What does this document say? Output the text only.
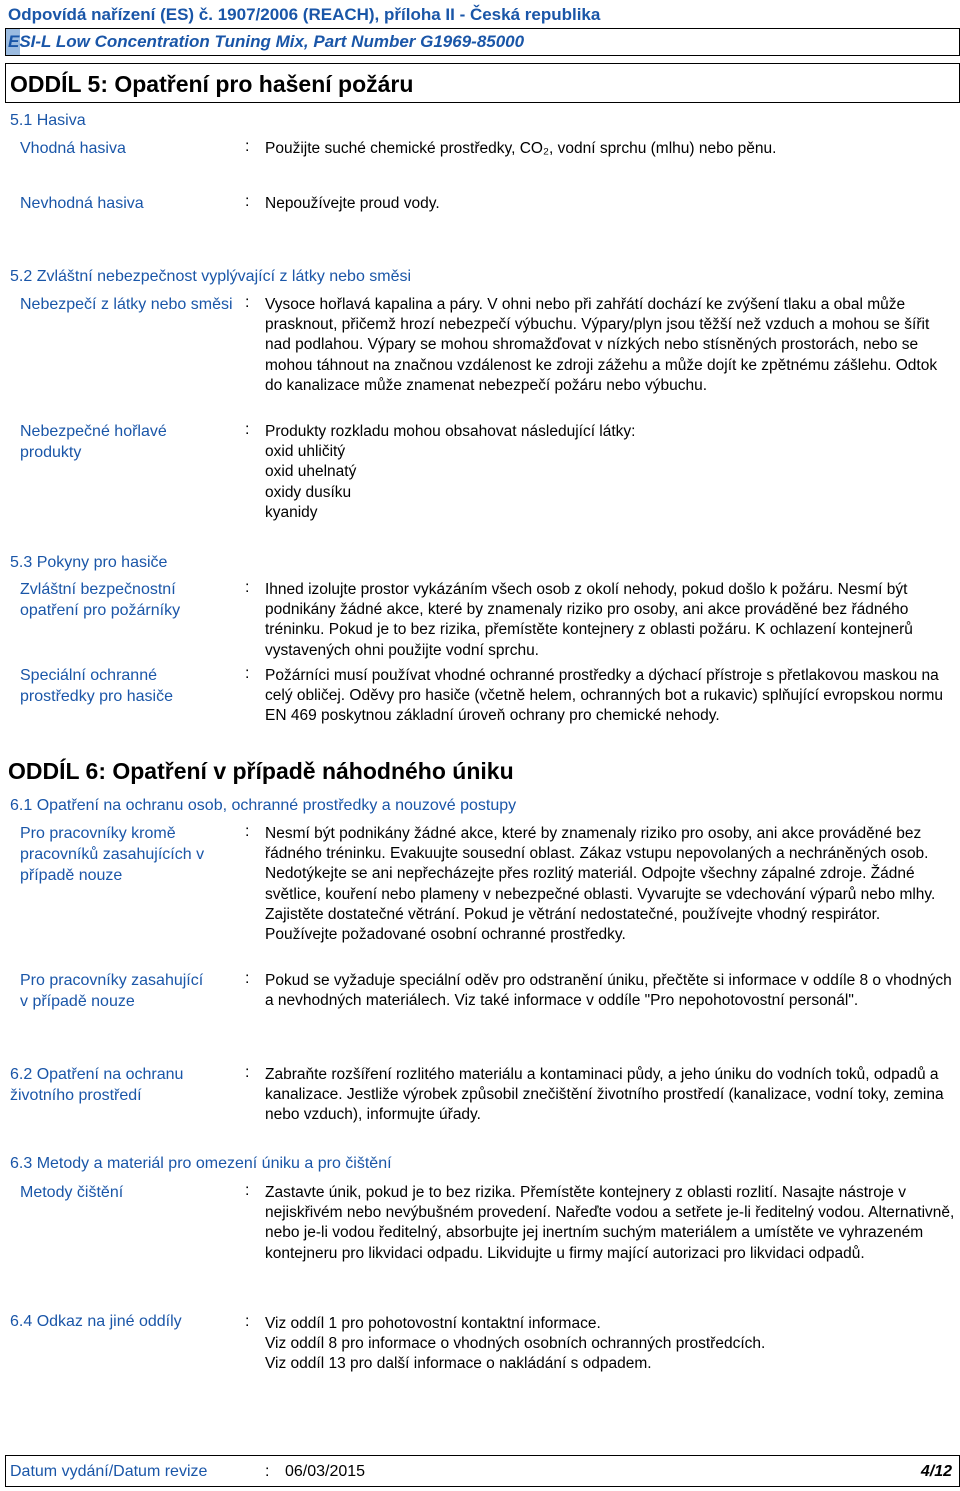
Odpovídá nařízení (ES) č. 1907/2006 (REACH), příloha II - Česká republika
ESI-L Low Concentration Tuning Mix, Part Number G1969-85000
ODDÍL 5: Opatření pro hašení požáru
5.1 Hasiva
Vhodná hasiva	: Použijte suché chemické prostředky, CO₂, vodní sprchu (mlhu) nebo pěnu.
Nevhodná hasiva	: Nepoužívejte proud vody.
5.2 Zvláštní nebezpečnost vyplývající z látky nebo směsi
Nebezpečí z látky nebo směsi : Vysoce hořlavá kapalina a páry. V ohni nebo při zahřátí dochází ke zvýšení tlaku a obal může prasknout, přičemž hrozí nebezpečí výbuchu. Výpary/plyn jsou těžší než vzduch a mohou se šířit nad podlahou. Výpary se mohou shromažďovat v nízkých nebo stísněných prostorách, nebo se mohou táhnout na značnou vzdálenost ke zdroji zážehu a může dojít ke zpětnému zášlehu. Odtok do kanalizace může znamenat nebezpečí požáru nebo výbuchu.
Nebezpečné hořlavé produkty
: Produkty rozkladu mohou obsahovat následující látky:

oxid uhličitý

oxid uhelnatý

oxidy dusíku

kyanidy

5.3 Pokyny pro hasiče
Zvláštní bezpečnostní opatření pro požárníky
: Ihned izolujte prostor vykázáním všech osob z okolí nehody, pokud došlo k požáru. Nesmí být podnikány žádné akce, které by znamenaly riziko pro osoby, ani akce prováděné bez řádného tréninku. Pokud je to bez rizika, přemístěte kontejnery z oblasti požáru. K ochlazení kontejnerů vystavených ohni použijte vodní sprchu.
Speciální ochranné prostředky pro hasiče
: Požárníci musí používat vhodné ochranné prostředky a dýchací přístroje s přetlakovou maskou na celý obličej. Oděvy pro hasiče (včetně helem, ochranných bot a rukavic) splňující evropskou normu EN 469 poskytnou základní úroveň ochrany pro chemické nehody.
ODDÍL 6: Opatření v případě náhodného úniku
6.1 Opatření na ochranu osob, ochranné prostředky a nouzové postupy
Pro pracovníky kromě pracovníků zasahujících v případě nouze
: Nesmí být podnikány žádné akce, které by znamenaly riziko pro osoby, ani akce prováděné bez řádného tréninku. Evakuujte sousední oblast. Zákaz vstupu nepovolaných a nechráněných osob. Nedotýkejte se ani nepřecházejte přes rozlitý materiál. Odpojte všechny zápalné zdroje. Žádné světlice, kouření nebo plameny v nebezpečné oblasti. Vyvarujte se vdechování výparů nebo mlhy. Zajistěte dostatečné větrání. Pokud je větrání nedostatečné, používejte vhodný respirátor. Používejte požadované osobní ochranné prostředky.
Pro pracovníky zasahující v případě nouze
: Pokud se vyžaduje speciální oděv pro odstranění úniku, přečtěte si informace v oddíle 8 o vhodných a nevhodných materiálech. Viz také informace v oddíle "Pro nepohotovostní personál".
6.2 Opatření na ochranu životního prostředí
: Zabraňte rozšíření rozlitého materiálu a kontaminaci půdy, a jeho úniku do vodních toků, odpadů a kanalizace. Jestliže výrobek způsobil znečištění životního prostředí (kanalizace, vodní toky, zemina nebo vzduch), informujte úřady.
6.3 Metody a materiál pro omezení úniku a pro čištění
Metody čištění	: Zastavte únik, pokud je to bez rizika. Přemístěte kontejnery z oblasti rozlití. Nasajte nástroje v nejiskřivém nebo nevýbušném provedení. Nařeďte vodou a setřete je-li ředitelný vodou. Alternativně, nebo je-li vodou ředitelný, absorbujte jej inertním suchým materiálem a umístěte ve vyhrazeném kontejneru pro likvidaci odpadu. Likvidujte u firmy mající autorizaci pro likvidaci odpadů.
6.4 Odkaz na jiné oddíly	: Viz oddíl 1 pro pohotovostní kontaktní informace.

Viz oddíl 8 pro informace o vhodných osobních ochranných prostředcích.

Viz oddíl 13 pro další informace o nakládání s odpadem.

Datum vydání/Datum revize	: 06/03/2015	4/12
